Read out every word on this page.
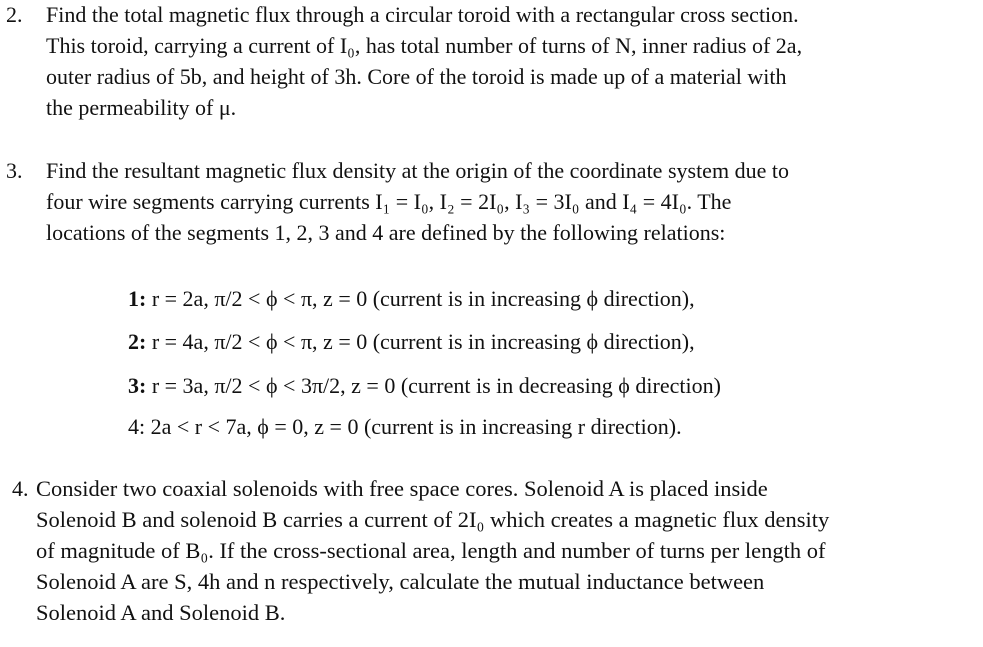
2. Find the total magnetic flux through a circular toroid with a rectangular cross section.
This toroid, carrying a current of I₀, has total number of turns of N, inner radius of 2a,
outer radius of 5b, and height of 3h. Core of the toroid is made up of a material with
the permeability of μ.
3. Find the resultant magnetic flux density at the origin of the coordinate system due to
four wire segments carrying currents I₁ = I₀, I₂ = 2I₀, I₃ = 3I₀ and I₄ = 4I₀. The
locations of the segments 1, 2, 3 and 4 are defined by the following relations:
1: r = 2a, π/2 < ϕ < π, z = 0 (current is in increasing ϕ direction),
2: r = 4a, π/2 < ϕ < π, z = 0 (current is in increasing ϕ direction),
3: r = 3a, π/2 < ϕ < 3π/2, z = 0 (current is in decreasing ϕ direction)
4: 2a < r < 7a, ϕ = 0, z = 0 (current is in increasing r direction).
4. Consider two coaxial solenoids with free space cores. Solenoid A is placed inside
Solenoid B and solenoid B carries a current of 2I₀ which creates a magnetic flux density
of magnitude of B₀. If the cross-sectional area, length and number of turns per length of
Solenoid A are S, 4h and n respectively, calculate the mutual inductance between
Solenoid A and Solenoid B.
